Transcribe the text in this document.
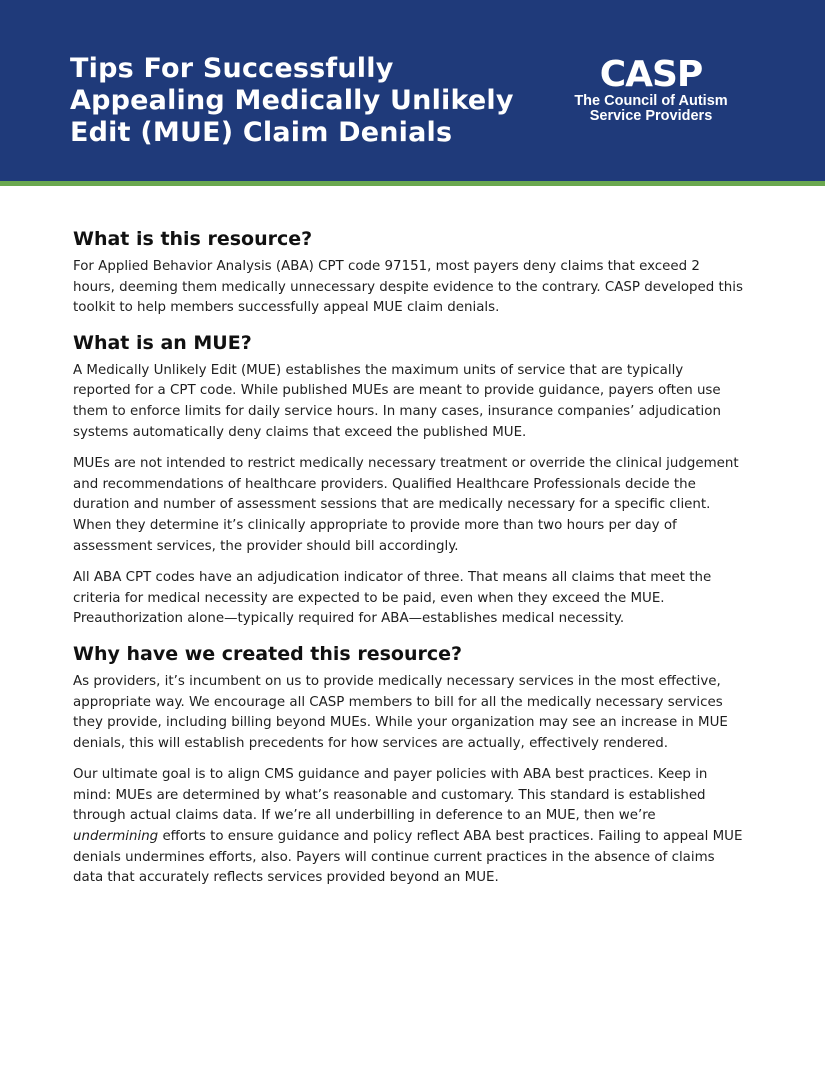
Tips For Successfully
Appealing Medically Unlikely
Edit (MUE) Claim Denials
CASP
The Council of Autism
Service Providers
What is this resource?

For Applied Behavior Analysis (ABA) CPT code 97151, most payers deny claims that exceed 2 hours, deeming them medically unnecessary despite evidence to the contrary. CASP developed this toolkit to help members successfully appeal MUE claim denials.

What is an MUE?

A Medically Unlikely Edit (MUE) establishes the maximum units of service that are typically reported for a CPT code. While published MUEs are meant to provide guidance, payers often use them to enforce limits for daily service hours. In many cases, insurance companies’ adjudication systems automatically deny claims that exceed the published MUE.

MUEs are not intended to restrict medically necessary treatment or override the clinical judgement and recommendations of healthcare providers. Qualified Healthcare Professionals decide the duration and number of assessment sessions that are medically necessary for a specific client. When they determine it’s clinically appropriate to provide more than two hours per day of assessment services, the provider should bill accordingly.

All ABA CPT codes have an adjudication indicator of three. That means all claims that meet the criteria for medical necessity are expected to be paid, even when they exceed the MUE. Preauthorization alone—typically required for ABA—establishes medical necessity.

Why have we created this resource?

As providers, it’s incumbent on us to provide medically necessary services in the most effective, appropriate way. We encourage all CASP members to bill for all the medically necessary services they provide, including billing beyond MUEs. While your organization may see an increase in MUE denials, this will establish precedents for how services are actually, effectively rendered.

Our ultimate goal is to align CMS guidance and payer policies with ABA best practices. Keep in mind: MUEs are determined by what’s reasonable and customary. This standard is established through actual claims data. If we’re all underbilling in deference to an MUE, then we’re undermining efforts to ensure guidance and policy reflect ABA best practices. Failing to appeal MUE denials undermines efforts, also. Payers will continue current practices in the absence of claims data that accurately reflects services provided beyond an MUE.
